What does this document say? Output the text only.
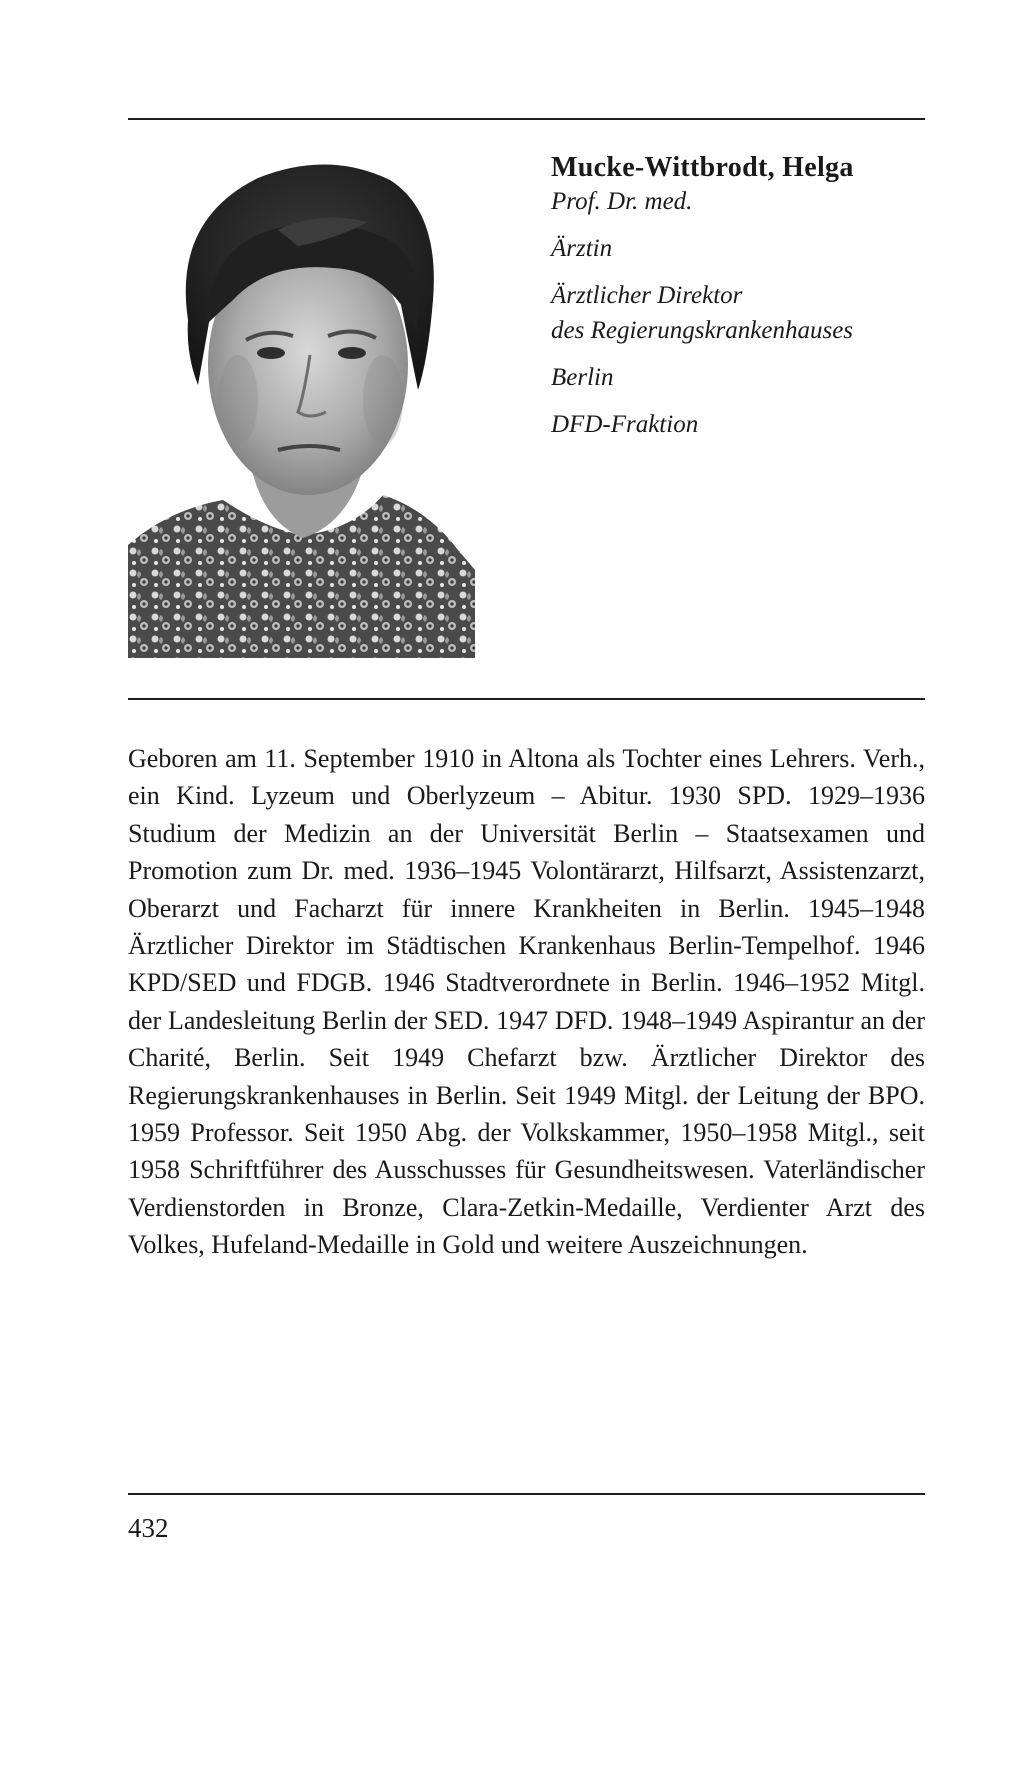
Mucke-Wittbrodt, Helga

Prof. Dr. med.

Ärztin

Ärztlicher Direktor

des Regierungskrankenhauses

Berlin

DFD-Fraktion

Geboren am 11. September 1910 in Altona als Tochter eines Lehrers. Verh., ein Kind. Lyzeum und Oberlyzeum – Abitur. 1930 SPD. 1929–1936 Studium der Medizin an der Universität Berlin – Staatsexamen und Promotion zum Dr. med. 1936–1945 Volontärarzt, Hilfsarzt, Assistenzarzt, Oberarzt und Facharzt für innere Krankheiten in Berlin. 1945–1948 Ärztlicher Direktor im Städtischen Krankenhaus Berlin-Tempelhof. 1946 KPD/SED und FDGB. 1946 Stadtverordnete in Berlin. 1946–1952 Mitgl. der Landesleitung Berlin der SED. 1947 DFD. 1948–1949 Aspirantur an der Charité, Berlin. Seit 1949 Chefarzt bzw. Ärztlicher Direktor des Regierungskrankenhauses in Berlin. Seit 1949 Mitgl. der Leitung der BPO. 1959 Professor. Seit 1950 Abg. der Volkskammer, 1950–1958 Mitgl., seit 1958 Schriftführer des Ausschusses für Gesundheitswesen. Vaterländischer Verdienstorden in Bronze, Clara-Zetkin-Medaille, Verdienter Arzt des Volkes, Hufeland-Medaille in Gold und weitere Auszeichnungen.

432
